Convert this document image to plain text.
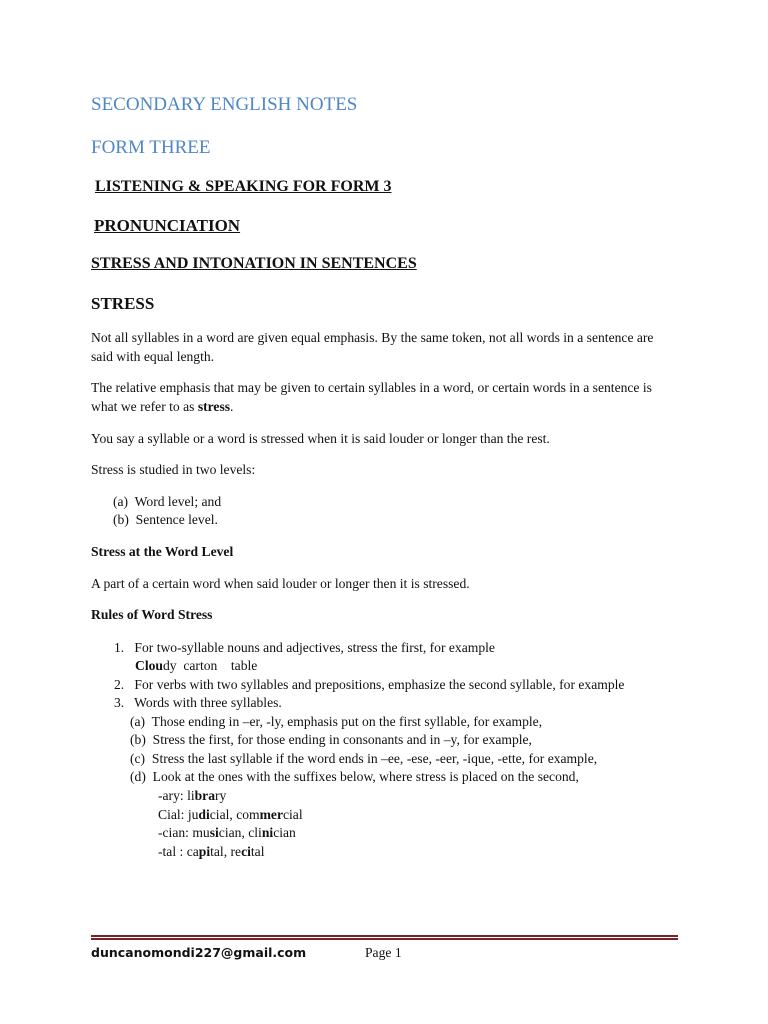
SECONDARY ENGLISH NOTES
FORM THREE
LISTENING & SPEAKING FOR FORM 3
PRONUNCIATION
STRESS AND INTONATION IN SENTENCES
STRESS
Not all syllables in a word are given equal emphasis. By the same token, not all words in a sentence are said with equal length.
The relative emphasis that may be given to certain syllables in a word, or certain words in a sentence is what we refer to as stress.
You say a syllable or a word is stressed when it is said louder or longer than the rest.
Stress is studied in two levels:
(a) Word level; and
(b) Sentence level.
Stress at the Word Level
A part of a certain word when said louder or longer then it is stressed.
Rules of Word Stress
1. For two-syllable nouns and adjectives, stress the first, for example
Cloudy carton table
2. For verbs with two syllables and prepositions, emphasize the second syllable, for example
3. Words with three syllables.
(a) Those ending in –er, -ly, emphasis put on the first syllable, for example,
(b) Stress the first, for those ending in consonants and in –y, for example,
(c) Stress the last syllable if the word ends in –ee, -ese, -eer, -ique, -ette, for example,
(d) Look at the ones with the suffixes below, where stress is placed on the second,
-ary: library
Cial: judicial, commercial
-cian: musician, clinician
-tal : capital, recital
duncanomondi227@gmail.com	Page 1
